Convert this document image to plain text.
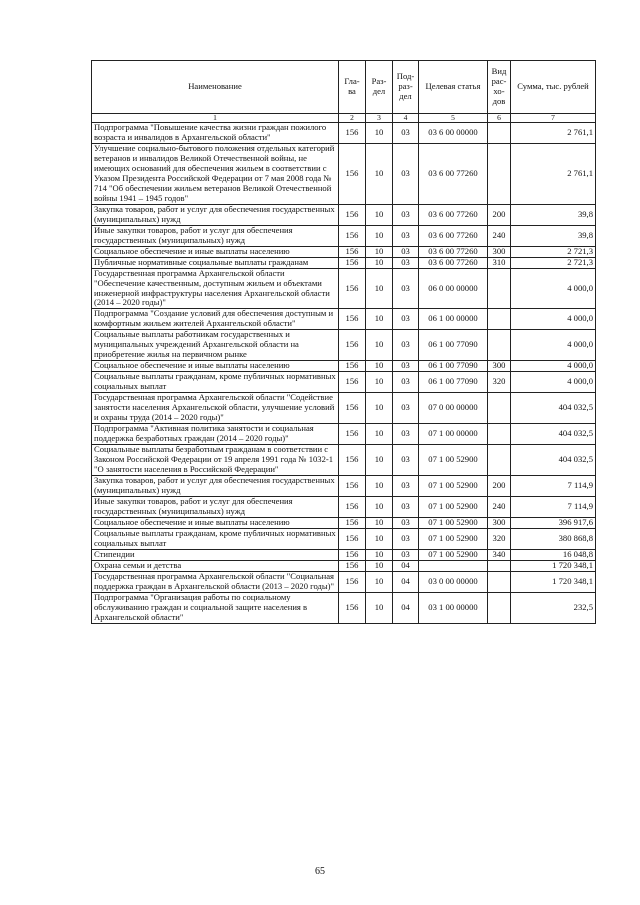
Наименование	Гла-ва	Раз-дел	Под-раз-дел	Целевая статья	Вид рас-хо-дов	Сумма, тыс. рублей
1	2	3	4	5	6	7
Подпрограмма "Повышение качества жизни граждан пожилого возраста и инвалидов в Архангельской области"	156	10	03	03 6 00 00000		2 761,1
Улучшение социально-бытового положения отдельных категорий ветеранов и инвалидов Великой Отечественной войны, не имеющих оснований для обеспечения жильем в соответствии с Указом Президента Российской Федерации от 7 мая 2008 года № 714 "Об обеспечении жильем ветеранов Великой Отечественной войны 1941 – 1945 годов"	156	10	03	03 6 00 77260		2 761,1
Закупка товаров, работ и услуг для обеспечения государственных (муниципальных) нужд	156	10	03	03 6 00 77260	200	39,8
Иные закупки товаров, работ и услуг для обеспечения государственных (муниципальных) нужд	156	10	03	03 6 00 77260	240	39,8
Социальное обеспечение и иные выплаты населению	156	10	03	03 6 00 77260	300	2 721,3
Публичные нормативные социальные выплаты гражданам	156	10	03	03 6 00 77260	310	2 721,3
Государственная программа Архангельской области "Обеспечение качественным, доступным жильем и объектами инженерной инфраструктуры населения Архангельской области (2014 – 2020 годы)"	156	10	03	06 0 00 00000		4 000,0
Подпрограмма "Создание условий для обеспечения доступным и комфортным жильем жителей Архангельской области"	156	10	03	06 1 00 00000		4 000,0
Социальные выплаты работникам государственных и муниципальных учреждений Архангельской области на приобретение жилья на первичном рынке	156	10	03	06 1 00 77090		4 000,0
Социальное обеспечение и иные выплаты населению	156	10	03	06 1 00 77090	300	4 000,0
Социальные выплаты гражданам, кроме публичных нормативных социальных выплат	156	10	03	06 1 00 77090	320	4 000,0
Государственная программа Архангельской области "Содействие занятости населения Архангельской области, улучшение условий и охраны труда (2014 – 2020 годы)"	156	10	03	07 0 00 00000		404 032,5
Подпрограмма "Активная политика занятости и социальная поддержка безработных граждан (2014 – 2020 годы)"	156	10	03	07 1 00 00000		404 032,5
Социальные выплаты безработным гражданам в соответствии с Законом Российской Федерации от 19 апреля 1991 года № 1032-1 "О занятости населения в Российской Федерации"	156	10	03	07 1 00 52900		404 032,5
Закупка товаров, работ и услуг для обеспечения государственных (муниципальных) нужд	156	10	03	07 1 00 52900	200	7 114,9
Иные закупки товаров, работ и услуг для обеспечения государственных (муниципальных) нужд	156	10	03	07 1 00 52900	240	7 114,9
Социальное обеспечение и иные выплаты населению	156	10	03	07 1 00 52900	300	396 917,6
Социальные выплаты гражданам, кроме публичных нормативных социальных выплат	156	10	03	07 1 00 52900	320	380 868,8
Стипендии	156	10	03	07 1 00 52900	340	16 048,8
Охрана семьи и детства	156	10	04			1 720 348,1
Государственная программа Архангельской области "Социальная поддержка граждан в Архангельской области (2013 – 2020 годы)"	156	10	04	03 0 00 00000		1 720 348,1
Подпрограмма "Организация работы по социальному обслуживанию граждан и социальной защите населения в Архангельской области"	156	10	04	03 1 00 00000		232,5
65
